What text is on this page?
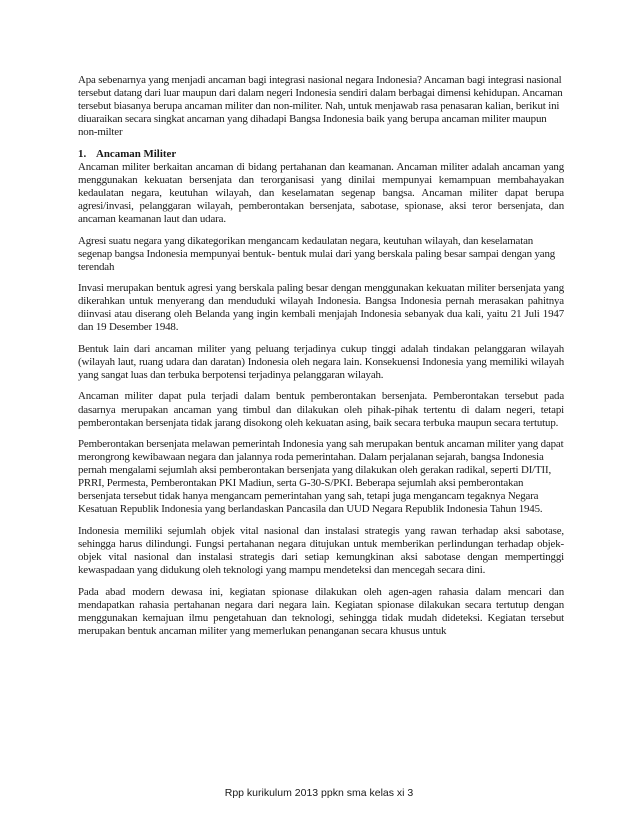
Apa sebenarnya yang menjadi ancaman bagi integrasi nasional negara Indonesia? Ancaman bagi integrasi nasional tersebut datang dari luar maupun dari dalam negeri Indonesia sendiri dalam berbagai dimensi kehidupan. Ancaman tersebut biasanya berupa ancaman militer dan non-militer. Nah, untuk menjawab rasa penasaran kalian, berikut ini diuaraikan secara singkat ancaman yang dihadapi Bangsa Indonesia baik yang berupa ancaman militer maupun non-milter

1. Ancaman Militer

Ancaman militer berkaitan ancaman di bidang pertahanan dan keamanan. Ancaman militer adalah ancaman yang menggunakan kekuatan bersenjata dan terorganisasi yang dinilai mempunyai kemampuan membahayakan kedaulatan negara, keutuhan wilayah, dan keselamatan segenap bangsa. Ancaman militer dapat berupa agresi/invasi, pelanggaran wilayah, pemberontakan bersenjata, sabotase, spionase, aksi teror bersenjata, dan ancaman keamanan laut dan udara.

Agresi suatu negara yang dikategorikan mengancam kedaulatan negara, keutuhan wilayah, dan keselamatan segenap bangsa Indonesia mempunyai bentuk- bentuk mulai dari yang berskala paling besar sampai dengan yang terendah

Invasi merupakan bentuk agresi yang berskala paling besar dengan menggunakan kekuatan militer bersenjata yang dikerahkan untuk menyerang dan menduduki wilayah Indonesia. Bangsa Indonesia pernah merasakan pahitnya diinvasi atau diserang oleh Belanda yang ingin kembali menjajah Indonesia sebanyak dua kali, yaitu 21 Juli 1947 dan 19 Desember 1948.

Bentuk lain dari ancaman militer yang peluang terjadinya cukup tinggi adalah tindakan pelanggaran wilayah (wilayah laut, ruang udara dan daratan) Indonesia oleh negara lain. Konsekuensi Indonesia yang memiliki wilayah yang sangat luas dan terbuka berpotensi terjadinya pelanggaran wilayah.

Ancaman militer dapat pula terjadi dalam bentuk pemberontakan bersenjata. Pemberontakan tersebut pada dasarnya merupakan ancaman yang timbul dan dilakukan oleh pihak-pihak tertentu di dalam negeri, tetapi pemberontakan bersenjata tidak jarang disokong oleh kekuatan asing, baik secara terbuka maupun secara tertutup.

Pemberontakan bersenjata melawan pemerintah Indonesia yang sah merupakan bentuk ancaman militer yang dapat merongrong kewibawaan negara dan jalannya roda pemerintahan. Dalam perjalanan sejarah, bangsa Indonesia pernah mengalami sejumlah aksi pemberontakan bersenjata yang dilakukan oleh gerakan radikal, seperti DI/TII, PRRI, Permesta, Pemberontakan PKI Madiun, serta G-30-S/PKI. Beberapa sejumlah aksi pemberontakan bersenjata tersebut tidak hanya mengancam pemerintahan yang sah, tetapi juga mengancam tegaknya Negara Kesatuan Republik Indonesia yang berlandaskan Pancasila dan UUD Negara Republik Indonesia Tahun 1945.

Indonesia memiliki sejumlah objek vital nasional dan instalasi strategis yang rawan terhadap aksi sabotase, sehingga harus dilindungi. Fungsi pertahanan negara ditujukan untuk memberikan perlindungan terhadap objek-objek vital nasional dan instalasi strategis dari setiap kemungkinan aksi sabotase dengan mempertinggi kewaspadaan yang didukung oleh teknologi yang mampu mendeteksi dan mencegah secara dini.

Pada abad modern dewasa ini, kegiatan spionase dilakukan oleh agen-agen rahasia dalam mencari dan mendapatkan rahasia pertahanan negara dari negara lain. Kegiatan spionase dilakukan secara tertutup dengan menggunakan kemajuan ilmu pengetahuan dan teknologi, sehingga tidak mudah dideteksi. Kegiatan tersebut merupakan bentuk ancaman militer yang memerlukan penanganan secara khusus untuk

Rpp kurikulum 2013 ppkn sma kelas xi 3
